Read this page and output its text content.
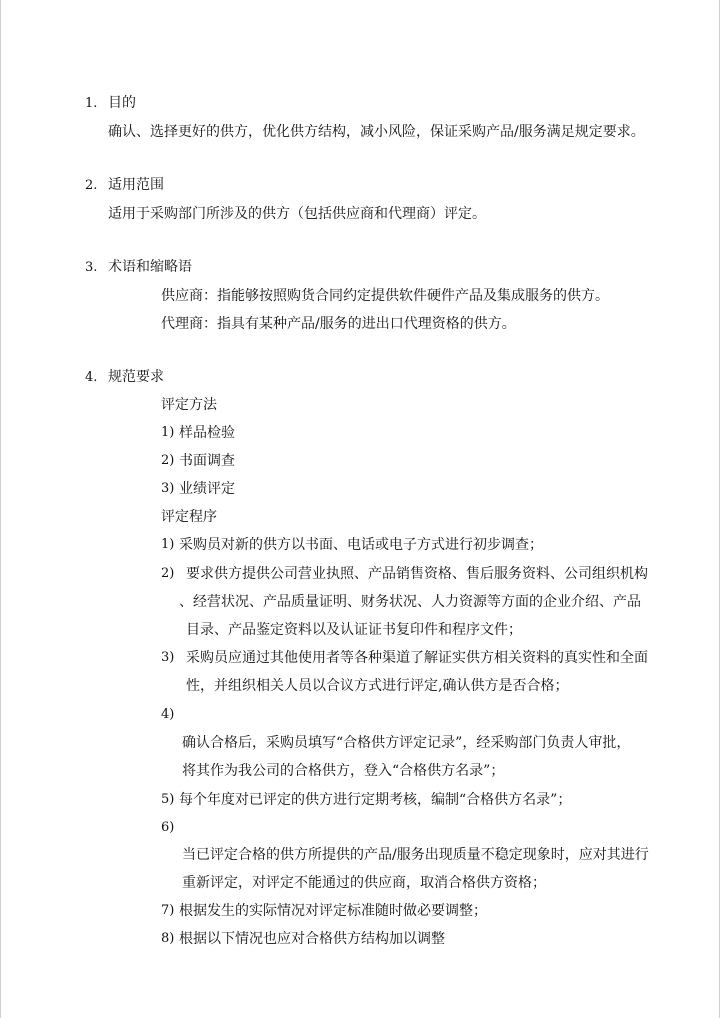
1. 目的
确认、选择更好的供方，优化供方结构，减小风险，保证采购产品/服务满足规定要求。
2. 适用范围
适用于采购部门所涉及的供方（包括供应商和代理商）评定。
3. 术语和缩略语
供应商：指能够按照购货合同约定提供软件硬件产品及集成服务的供方。
代理商：指具有某种产品/服务的进出口代理资格的供方。
4. 规范要求
评定方法
1) 样品检验
2) 书面调查
3) 业绩评定
评定程序
1) 采购员对新的供方以书面、电话或电子方式进行初步调查；
2) 要求供方提供公司营业执照、产品销售资格、售后服务资料、公司组织机构
、经营状况、产品质量证明、财务状况、人力资源等方面的企业介绍、产品
目录、产品鉴定资料以及认证证书复印件和程序文件；
3) 采购员应通过其他使用者等各种渠道了解证实供方相关资料的真实性和全面
性，并组织相关人员以合议方式进行评定,确认供方是否合格；
4)
确认合格后，采购员填写“合格供方评定记录”，经采购部门负责人审批，
将其作为我公司的合格供方，登入“合格供方名录”；
5) 每个年度对已评定的供方进行定期考核，编制“合格供方名录”；
6)
当已评定合格的供方所提供的产品/服务出现质量不稳定现象时，应对其进行
重新评定，对评定不能通过的供应商，取消合格供方资格；
7) 根据发生的实际情况对评定标准随时做必要调整；
8) 根据以下情况也应对合格供方结构加以调整
